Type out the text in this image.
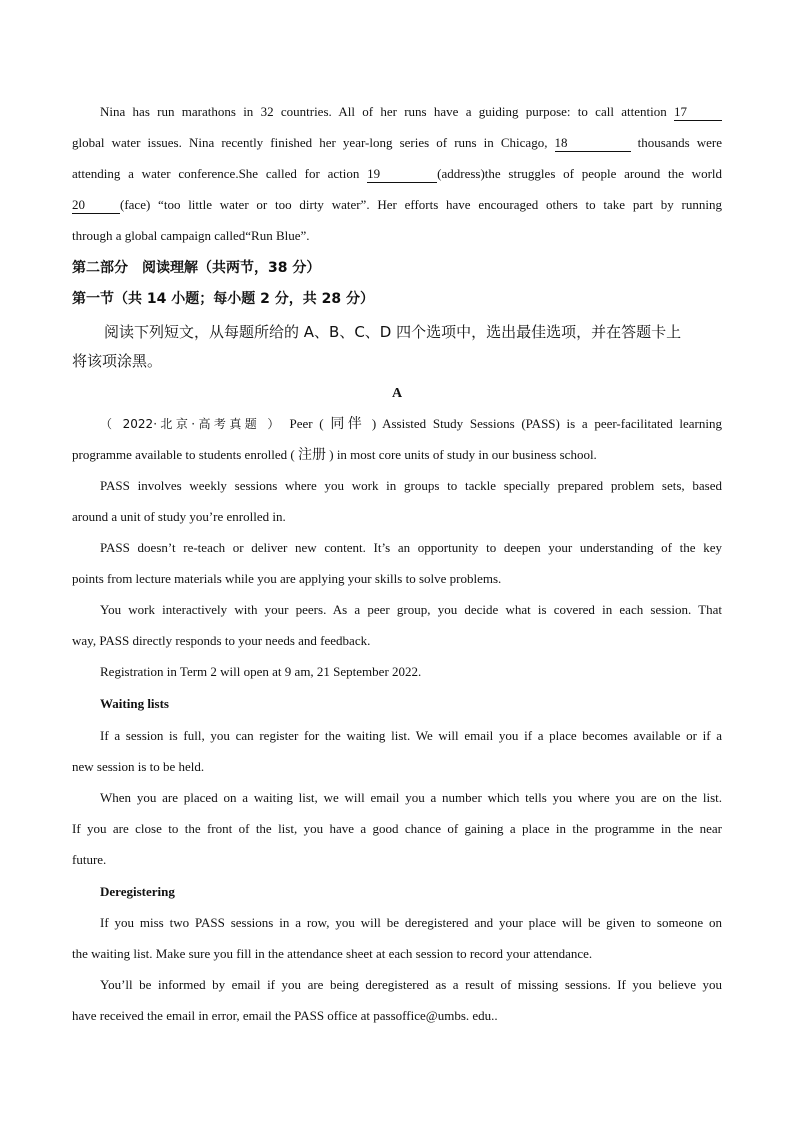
Nina has run marathons in 32 countries. All of her runs have a guiding purpose: to call attention 17
global water issues. Nina recently finished her year-long series of runs in Chicago, 18	thousands were
attending a water conference.She called for action 19	(address)the struggles of people around the world
20	(face) “too little water or too dirty water”. Her efforts have encouraged others to take part by running
through a global campaign called“Run Blue”.
第二部分　阅读理解（共两节，38 分）
第一节（共 14 小题；每小题 2 分，共 28 分）
阅读下列短文，从每题所给的 A、B、C、D 四个选项中，选出最佳选项，并在答题卡上
将该项涂黑。
A
（ 2022·北京·高考真题 ） Peer ( 同伴 ) Assisted Study Sessions (PASS) is a peer-facilitated learning
programme available to students enrolled ( 注册 ) in most core units of study in our business school.
PASS involves weekly sessions where you work in groups to tackle specially prepared problem sets, based
around a unit of study you’re enrolled in.
PASS doesn’t re-teach or deliver new content. It’s an opportunity to deepen your understanding of the key
points from lecture materials while you are applying your skills to solve problems.
You work interactively with your peers. As a peer group, you decide what is covered in each session. That
way, PASS directly responds to your needs and feedback.
Registration in Term 2 will open at 9 am, 21 September 2022.
Waiting lists
If a session is full, you can register for the waiting list. We will email you if a place becomes available or if a
new session is to be held.
When you are placed on a waiting list, we will email you a number which tells you where you are on the list.
If you are close to the front of the list, you have a good chance of gaining a place in the programme in the near
future.
Deregistering
If you miss two PASS sessions in a row, you will be deregistered and your place will be given to someone on
the waiting list. Make sure you fill in the attendance sheet at each session to record your attendance.
You’ll be informed by email if you are being deregistered as a result of missing sessions. If you believe you
have received the email in error, email the PASS office at passoffice@umbs. edu..
